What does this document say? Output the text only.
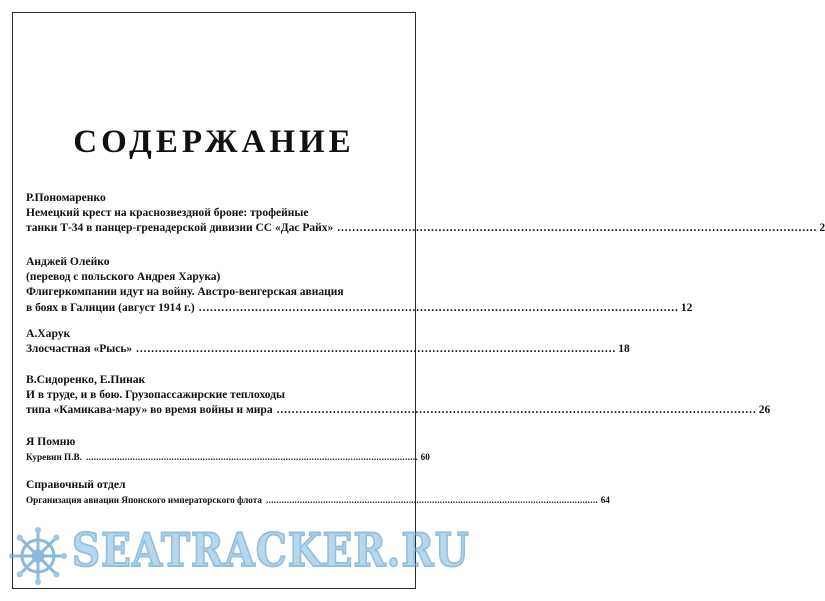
СОДЕРЖАНИЕ
Р.Пономаренко
Немецкий крест на краснозвездной броне: трофейные
танки Т-34 в панцер-гренадерской дивизии СС «Дас Райх» . . .	2
Анджей Олейко
(перевод с польского Андрея Харука)
Флигеркомпании идут на войну. Австро-венгерская авиация
в боях в Галиции (август 1914 г.) . . .	12
А.Харук
Злосчастная «Рысь» . . .	18
В.Сидоренко, Е.Пинак
И в труде, и в бою. Грузопассажирские теплоходы
типа «Камикава-мару» во время войны и мира . . .	26
Я Помню
Куревин П.В. . . .	60
Справочный отдел
Организация авиации Японского императорского флота . . .	64
SEATRACKER.RU
